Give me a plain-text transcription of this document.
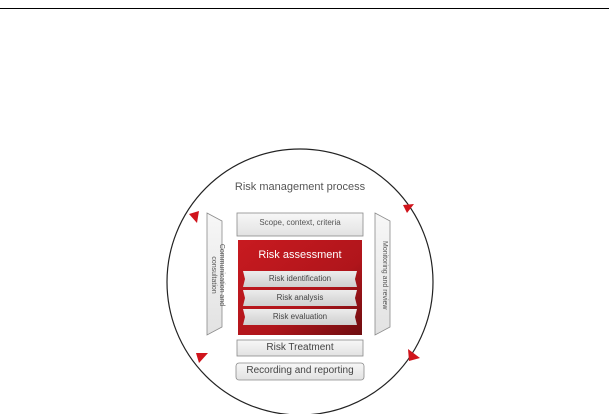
Risk management process
Scope, context, criteria
Risk assessment
Risk identification
Risk analysis
Risk evaluation
Risk Treatment
Recording and reporting
Communication and consultation	Monitoring and review
